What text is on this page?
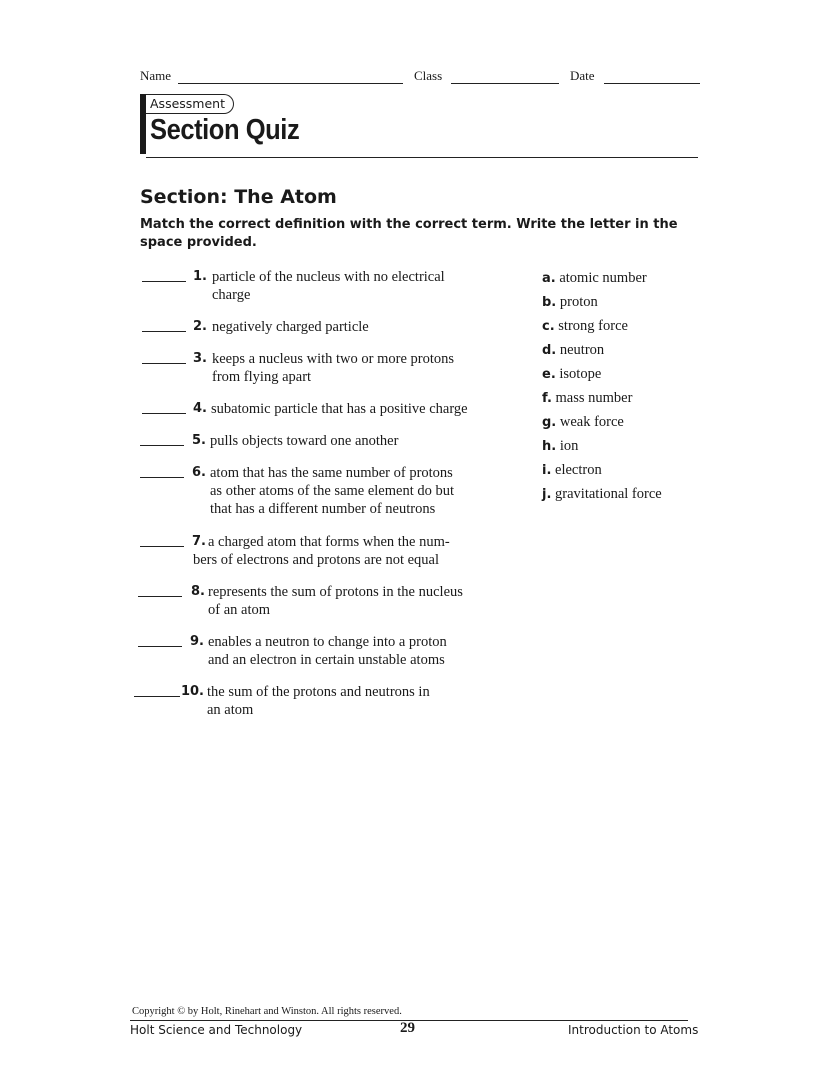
Name	Class	Date
Assessment
Section Quiz
Section: The Atom
Match the correct definition with the correct term. Write the letter in the space provided.
1. particle of the nucleus with no electrical
charge
2. negatively charged particle
3. keeps a nucleus with two or more protons
from flying apart
4. subatomic particle that has a positive charge
5. pulls objects toward one another
6. atom that has the same number of protons
as other atoms of the same element do but
that has a different number of neutrons
7. a charged atom that forms when the num-
bers of electrons and protons are not equal
8. represents the sum of protons in the nucleus
of an atom
9. enables a neutron to change into a proton
and an electron in certain unstable atoms
10. the sum of the protons and neutrons in
an atom
a. atomic number
b. proton
c. strong force
d. neutron
e. isotope
f. mass number
g. weak force
h. ion
i. electron
j. gravitational force
Copyright © by Holt, Rinehart and Winston. All rights reserved.
Holt Science and Technology	29	Introduction to Atoms
